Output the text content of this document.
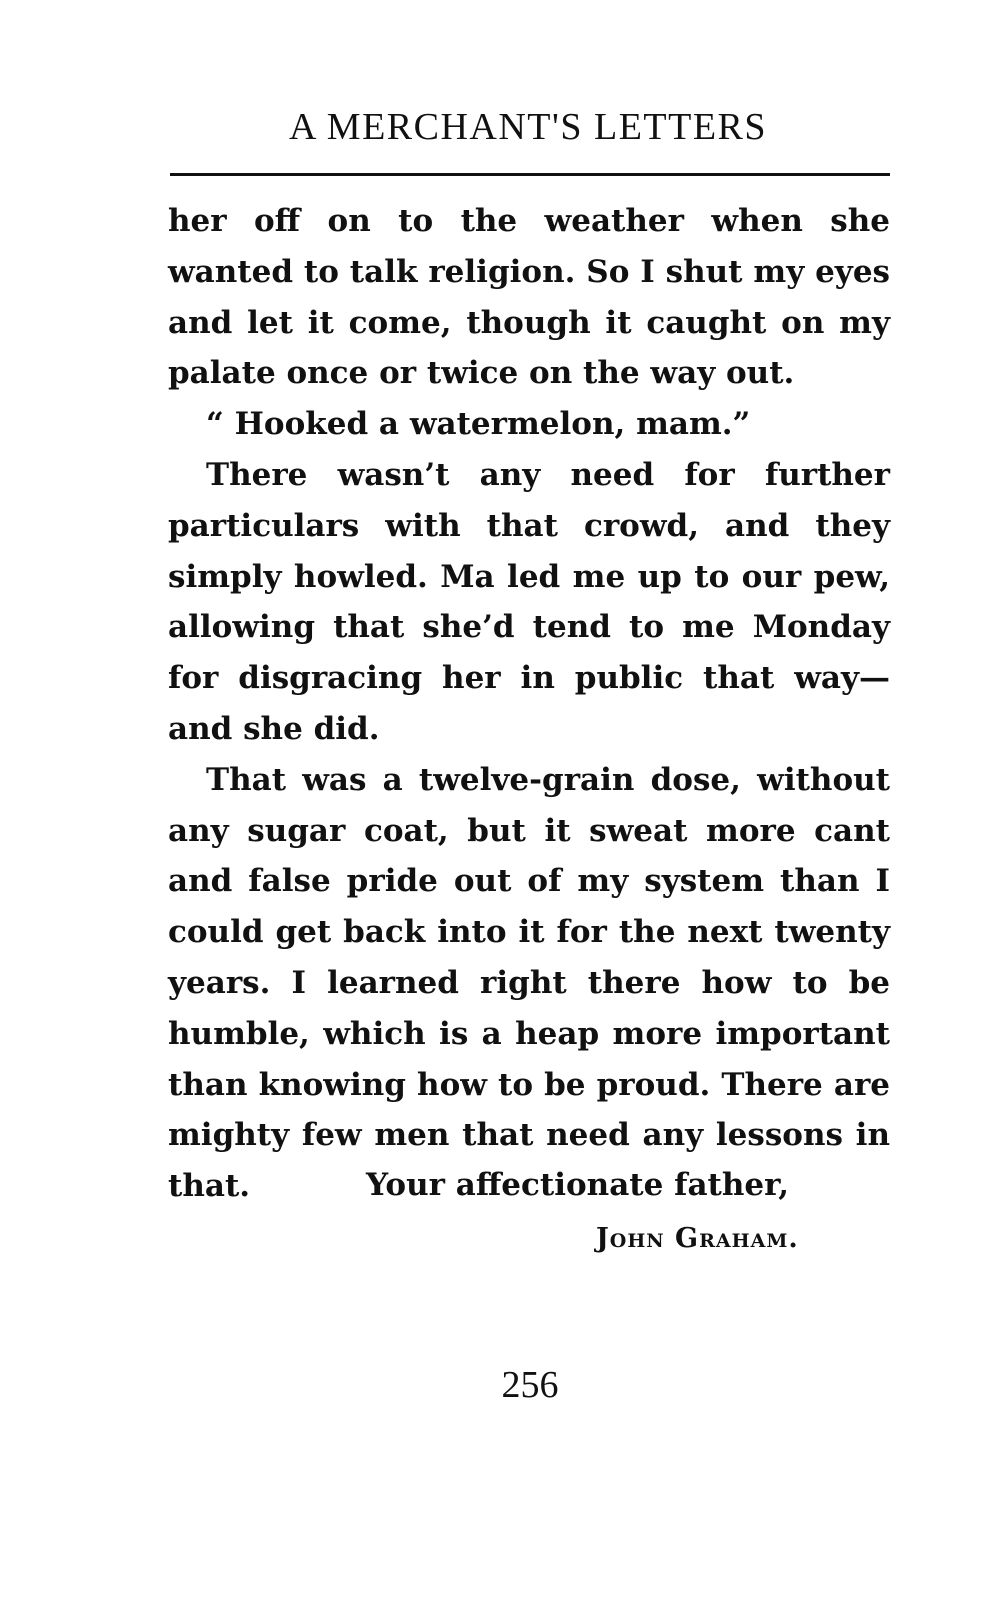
A MERCHANT'S LETTERS

her off on to the weather when she wanted to talk religion. So I shut my eyes and let it come, though it caught on my palate once or twice on the way out.

“ Hooked a watermelon, mam.”

There wasn’t any need for further particulars with that crowd, and they simply howled. Ma led me up to our pew, allowing that she’d tend to me Monday for disgracing her in public that way—and she did.

That was a twelve-grain dose, without any sugar coat, but it sweat more cant and false pride out of my system than I could get back into it for the next twenty years. I learned right there how to be humble, which is a heap more important than knowing how to be proud. There are mighty few men that need any lessons in that.	Your affectionate father,
John Graham.
256
